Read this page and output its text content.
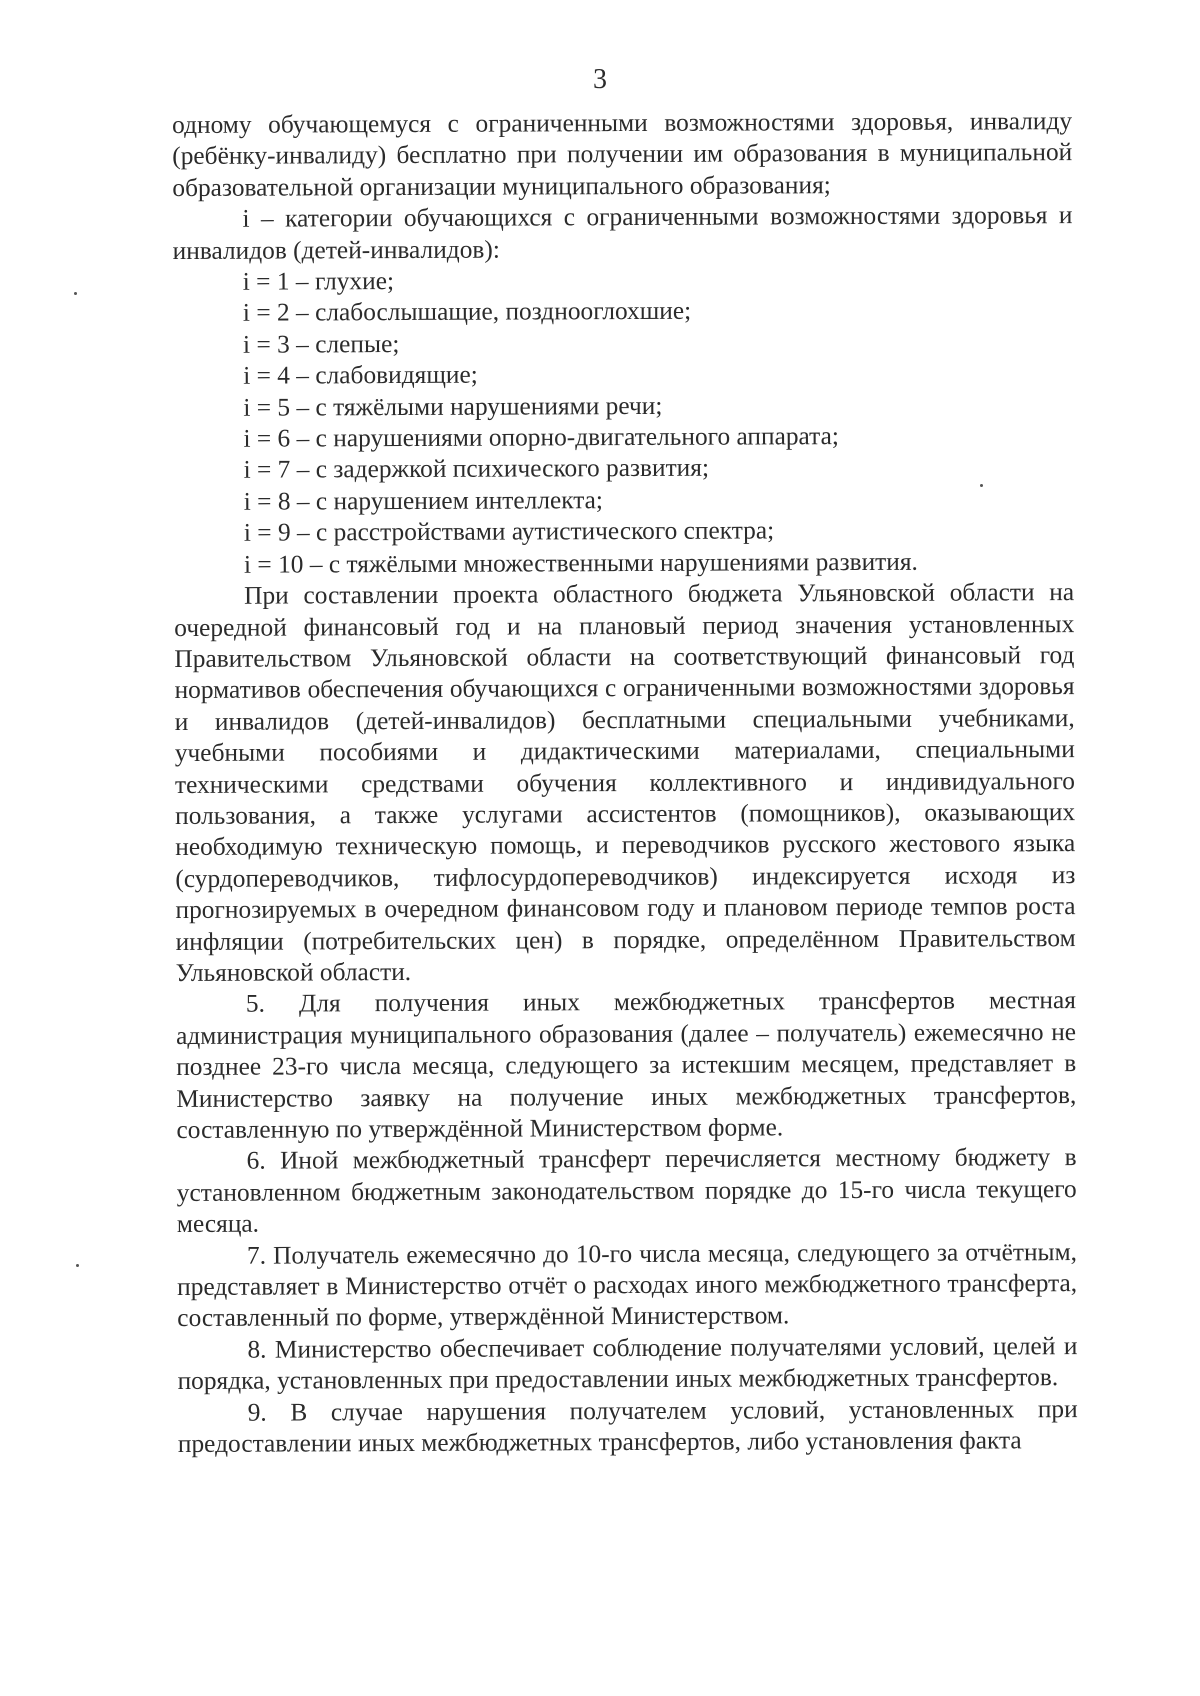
3

одному обучающемуся с ограниченными возможностями здоровья, инвалиду (ребёнку-инвалиду) бесплатно при получении им образования в муниципальной образовательной организации муниципального образования;

i – категории обучающихся с ограниченными возможностями здоровья и инвалидов (детей-инвалидов):

i = 1 – глухие;
i = 2 – слабослышащие, позднооглохшие;
i = 3 – слепые;
i = 4 – слабовидящие;
i = 5 – с тяжёлыми нарушениями речи;
i = 6 – с нарушениями опорно-двигательного аппарата;
i = 7 – с задержкой психического развития;
i = 8 – с нарушением интеллекта;
i = 9 – с расстройствами аутистического спектра;
i = 10 – с тяжёлыми множественными нарушениями развития.

При составлении проекта областного бюджета Ульяновской области на очередной финансовый год и на плановый период значения установленных Правительством Ульяновской области на соответствующий финансовый год нормативов обеспечения обучающихся с ограниченными возможностями здоровья и инвалидов (детей-инвалидов) бесплатными специальными учебниками, учебными пособиями и дидактическими материалами, специальными техническими средствами обучения коллективного и индивидуального пользования, а также услугами ассистентов (помощников), оказывающих необходимую техническую помощь, и переводчиков русского жестового языка (сурдопереводчиков, тифлосурдопереводчиков) индексируется исходя из прогнозируемых в очередном финансовом году и плановом периоде темпов роста инфляции (потребительских цен) в порядке, определённом Правительством Ульяновской области.

5. Для получения иных межбюджетных трансфертов местная администрация муниципального образования (далее – получатель) ежемесячно не позднее 23-го числа месяца, следующего за истекшим месяцем, представляет в Министерство заявку на получение иных межбюджетных трансфертов, составленную по утверждённой Министерством форме.

6. Иной межбюджетный трансферт перечисляется местному бюджету в установленном бюджетным законодательством порядке до 15-го числа текущего месяца.

7. Получатель ежемесячно до 10-го числа месяца, следующего за отчётным, представляет в Министерство отчёт о расходах иного межбюджетного трансферта, составленный по форме, утверждённой Министерством.

8. Министерство обеспечивает соблюдение получателями условий, целей и порядка, установленных при предоставлении иных межбюджетных трансфертов.

9. В случае нарушения получателем условий, установленных при предоставлении иных межбюджетных трансфертов, либо установления факта
